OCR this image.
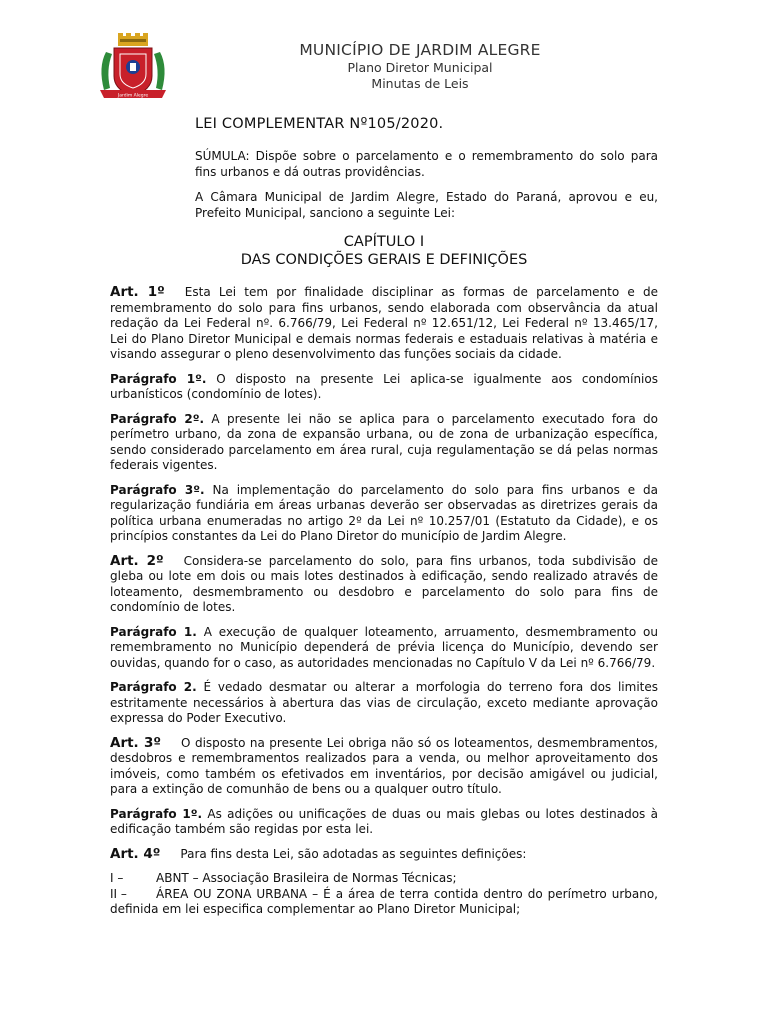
Jardim Alegre
MUNICÍPIO DE JARDIM ALEGRE
Plano Diretor Municipal
Minutas de Leis
LEI COMPLEMENTAR Nº105/2020.

SÚMULA: Dispõe sobre o parcelamento e o remembramento do solo para fins urbanos e dá outras providências.

A Câmara Municipal de Jardim Alegre, Estado do Paraná, aprovou e eu, Prefeito Municipal, sanciono a seguinte Lei:

CAPÍTULO I
DAS CONDIÇÕES GERAIS E DEFINIÇÕES

Art. 1º Esta Lei tem por finalidade disciplinar as formas de parcelamento e de remembramento do solo para fins urbanos, sendo elaborada com observância da atual redação da Lei Federal nº. 6.766/79, Lei Federal nº 12.651/12, Lei Federal nº 13.465/17, Lei do Plano Diretor Municipal e demais normas federais e estaduais relativas à matéria e visando assegurar o pleno desenvolvimento das funções sociais da cidade.

Parágrafo 1º. O disposto na presente Lei aplica-se igualmente aos condomínios urbanísticos (condomínio de lotes).

Parágrafo 2º. A presente lei não se aplica para o parcelamento executado fora do perímetro urbano, da zona de expansão urbana, ou de zona de urbanização específica, sendo considerado parcelamento em área rural, cuja regulamentação se dá pelas normas federais vigentes.

Parágrafo 3º. Na implementação do parcelamento do solo para fins urbanos e da regularização fundiária em áreas urbanas deverão ser observadas as diretrizes gerais da política urbana enumeradas no artigo 2º da Lei nº 10.257/01 (Estatuto da Cidade), e os princípios constantes da Lei do Plano Diretor do município de Jardim Alegre.

Art. 2º Considera-se parcelamento do solo, para fins urbanos, toda subdivisão de gleba ou lote em dois ou mais lotes destinados à edificação, sendo realizado através de loteamento, desmembramento ou desdobro e parcelamento do solo para fins de condomínio de lotes.

Parágrafo 1. A execução de qualquer loteamento, arruamento, desmembramento ou remembramento no Município dependerá de prévia licença do Município, devendo ser ouvidas, quando for o caso, as autoridades mencionadas no Capítulo V da Lei nº 6.766/79.

Parágrafo 2. É vedado desmatar ou alterar a morfologia do terreno fora dos limites estritamente necessários à abertura das vias de circulação, exceto mediante aprovação expressa do Poder Executivo.

Art. 3º O disposto na presente Lei obriga não só os loteamentos, desmembramentos, desdobros e remembramentos realizados para a venda, ou melhor aproveitamento dos imóveis, como também os efetivados em inventários, por decisão amigável ou judicial, para a extinção de comunhão de bens ou a qualquer outro título.

Parágrafo 1º. As adições ou unificações de duas ou mais glebas ou lotes destinados à edificação também são regidas por esta lei.

Art. 4º Para fins desta Lei, são adotadas as seguintes definições:

I –	ABNT – Associação Brasileira de Normas Técnicas;
II – ÁREA OU ZONA URBANA – É a área de terra contida dentro do perímetro urbano, definida em lei especifica complementar ao Plano Diretor Municipal;
